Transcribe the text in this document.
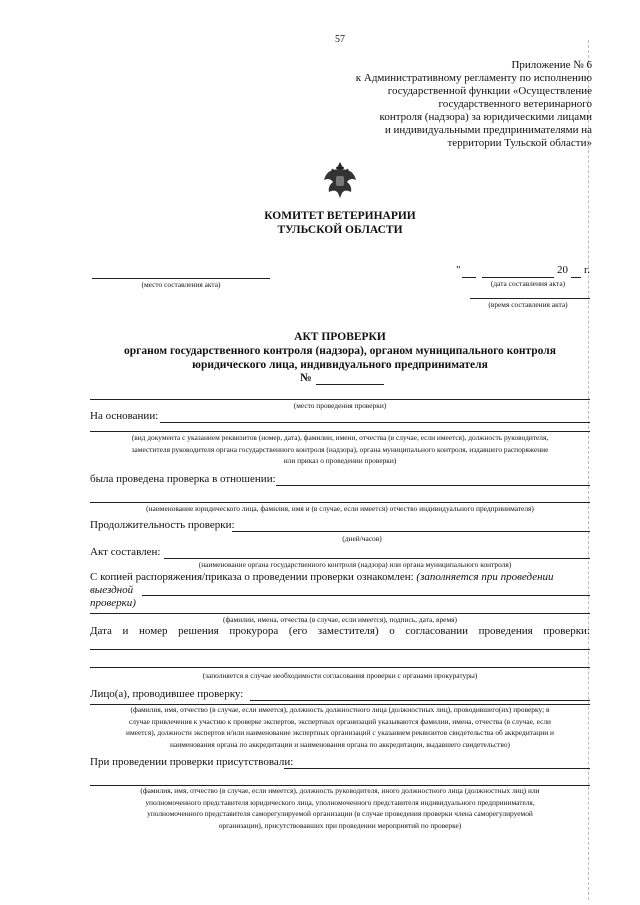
57
Приложение № 6
к Административному регламенту по исполнению
государственной функции «Осуществление
государственного ветеринарного
контроля (надзора) за юридическими лицами
и индивидуальными предпринимателями на
территории Тульской области»
КОМИТЕТ ВЕТЕРИНАРИИ
ТУЛЬСКОЙ ОБЛАСТИ
(место составления акта)
"	20 г.
(дата составления акта)
(время составления акта)
АКТ ПРОВЕРКИ
органом государственного контроля (надзора), органом муниципального контроля
юридического лица, индивидуального предпринимателя
№
(место проведения проверки)
На основании:
(вид документа с указанием реквизитов (номер, дата), фамилии, имени, отчества (в случае, если имеется), должность руководителя,
заместителя руководителя органа государственного контроля (надзора), органа муниципального контроля, издавшего распоряжение
или приказ о проведении проверки)
была проведена проверка в отношении:
(наименование юридического лица, фамилия, имя и (в случае, если имеется) отчество индивидуального предпринимателя)
Продолжительность проверки:
(дней/часов)
Акт составлен:
(наименование органа государственного контроля (надзора) или органа муниципального контроля)
С копией распоряжения/приказа о проведении проверки ознакомлен: (заполняется при проведении выездной
проверки)
(фамилии, имена, отчества (в случае, если имеется), подпись, дата, время)
Дата и номер решения прокурора (его заместителя) о согласовании проведения проверки:
(заполняется в случае необходимости согласования проверки с органами прокуратуры)
Лицо(а), проводившее проверку:
(фамилия, имя, отчество (в случае, если имеется), должность должностного лица (должностных лиц), проводившего(их) проверку; в
случае привлечения к участию к проверке экспертов, экспертных организаций указываются фамилии, имена, отчества (в случае, если
имеется), должности экспертов и/или наименование экспертных организаций с указанием реквизитов свидетельства об аккредитации и
наименования органа по аккредитации и наименования органа по аккредитации, выдавшего свидетельство)
При проведении проверки присутствовали:
(фамилия, имя, отчество (в случае, если имеется), должность руководителя, иного должностного лица (должностных лиц) или
уполномоченного представителя юридического лица, уполномоченного представителя индивидуального предпринимателя,
уполномоченного представителя саморегулируемой организации (в случае проведения проверки члена саморегулируемой
организации), присутствовавших при проведении мероприятий по проверке)
